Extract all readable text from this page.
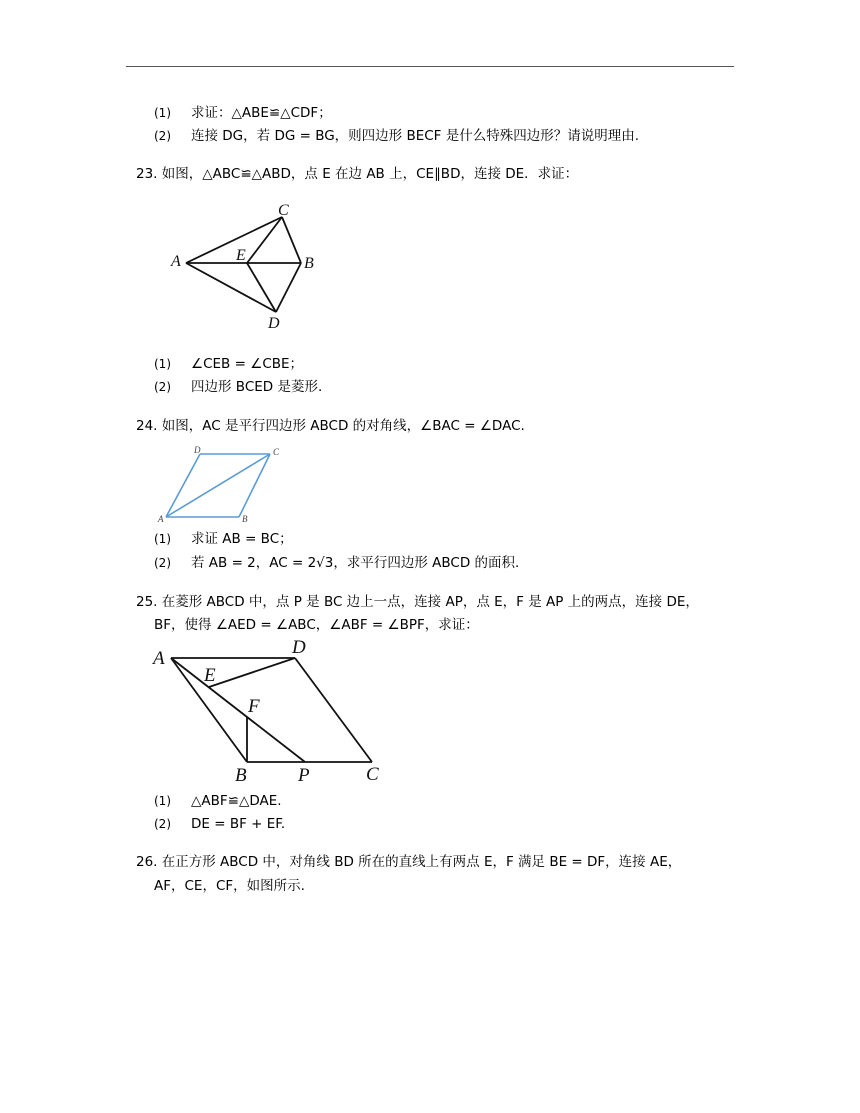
(1) 求证：△ABE≌△CDF；
(2) 连接 DG，若 DG = BG，则四边形 BECF 是什么特殊四边形？请说明理由.
23. 如图，△ABC≌△ABD，点 E 在边 AB 上，CE∥BD，连接 DE．求证：
A
C
E	B
D
(1) ∠CEB = ∠CBE；
(2) 四边形 BCED 是菱形.
24. 如图，AC 是平行四边形 ABCD 的对角线，∠BAC = ∠DAC.
A
D	C
B
(1) 求证 AB = BC；
(2) 若 AB = 2，AC = 2√3，求平行四边形 ABCD 的面积.
25. 在菱形 ABCD 中，点 P 是 BC 边上一点，连接 AP，点 E，F 是 AP 上的两点，连接 DE，
BF，使得 ∠AED = ∠ABC，∠ABF = ∠BPF，求证：
A
D
E
F
B	P	C
(1) △ABF≌△DAE.
(2) DE = BF + EF.
26. 在正方形 ABCD 中，对角线 BD 所在的直线上有两点 E，F 满足 BE = DF，连接 AE，
AF，CE，CF，如图所示.
